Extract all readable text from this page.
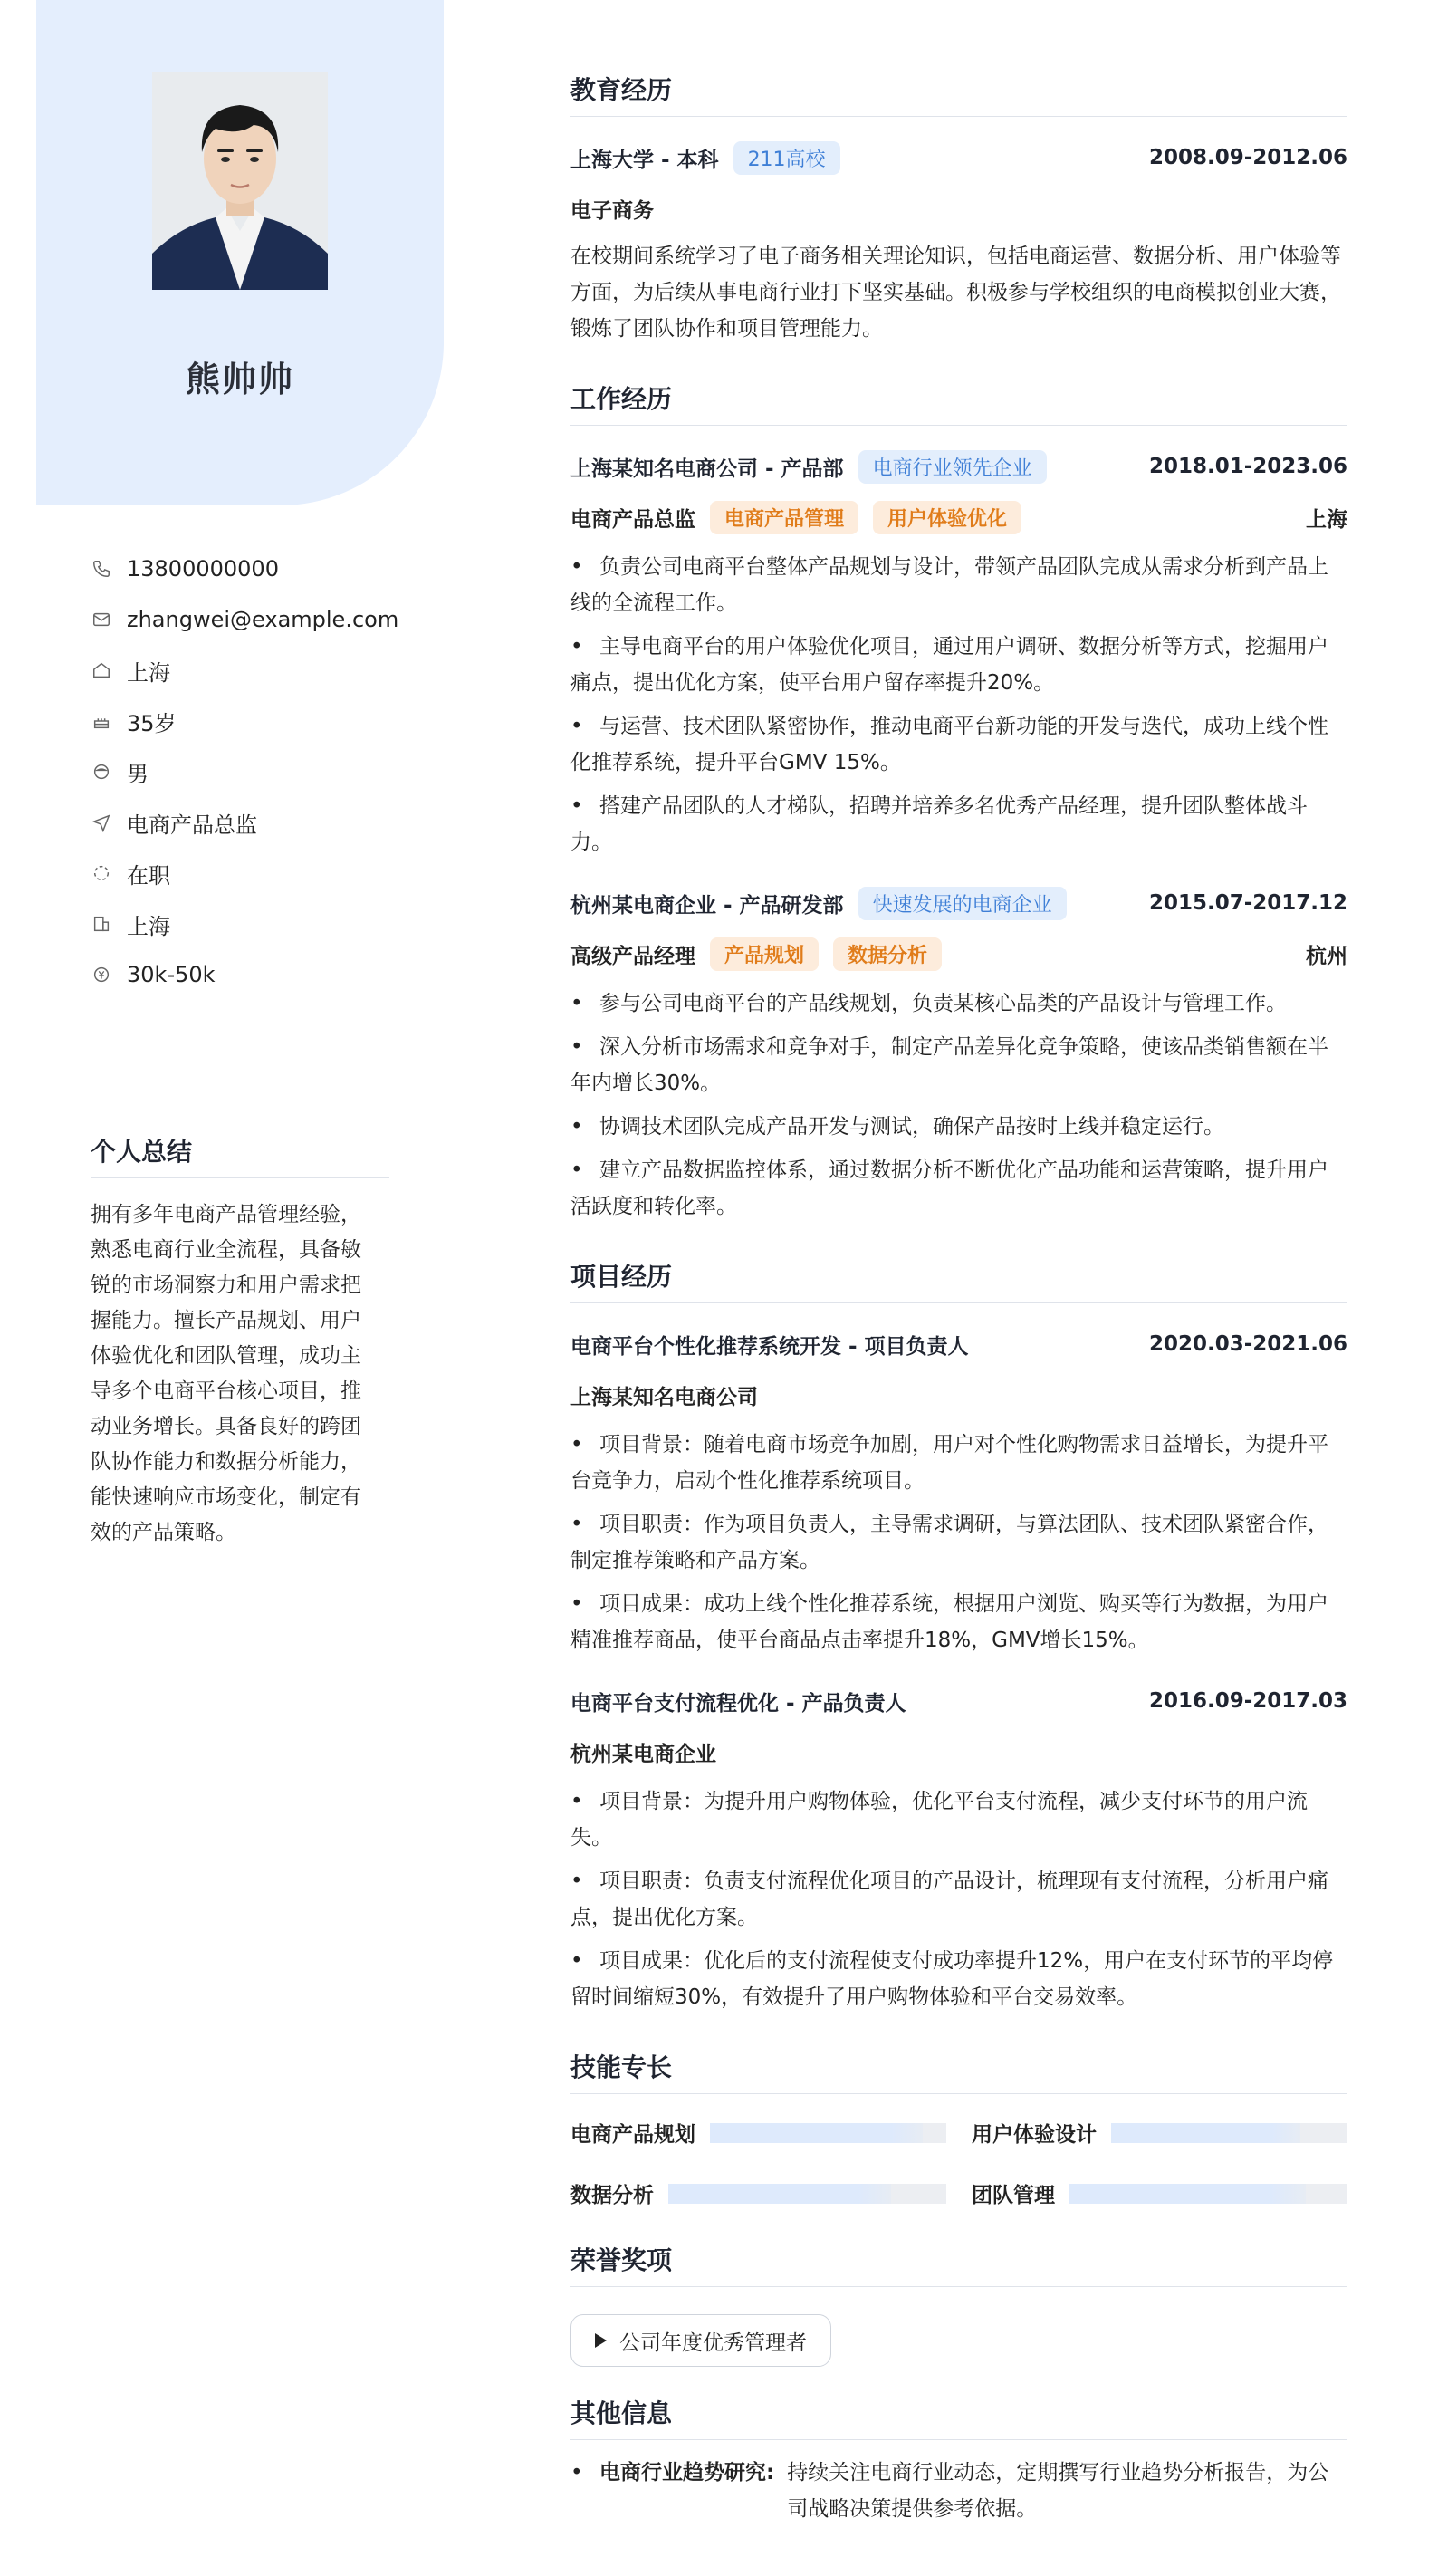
熊帅帅
13800000000
zhangwei@example.com
上海
35岁
男
电商产品总监
在职
上海
30k-50k
个人总结
拥有多年电商产品管理经验，熟悉电商行业全流程，具备敏锐的市场洞察力和用户需求把握能力。擅长产品规划、用户体验优化和团队管理，成功主导多个电商平台核心项目，推动业务增长。具备良好的跨团队协作能力和数据分析能力，能快速响应市场变化，制定有效的产品策略。
教育经历
上海大学 - 本科	211高校	2008.09-2012.06
电子商务
在校期间系统学习了电子商务相关理论知识，包括电商运营、数据分析、用户体验等方面，为后续从事电商行业打下坚实基础。积极参与学校组织的电商模拟创业大赛，锻炼了团队协作和项目管理能力。
工作经历
上海某知名电商公司 - 产品部	电商行业领先企业	2018.01-2023.06
电商产品总监	电商产品管理	用户体验优化	上海
• 负责公司电商平台整体产品规划与设计，带领产品团队完成从需求分析到产品上线的全流程工作。
• 主导电商平台的用户体验优化项目，通过用户调研、数据分析等方式，挖掘用户痛点，提出优化方案，使平台用户留存率提升20%。
• 与运营、技术团队紧密协作，推动电商平台新功能的开发与迭代，成功上线个性化推荐系统，提升平台GMV 15%。
• 搭建产品团队的人才梯队，招聘并培养多名优秀产品经理，提升团队整体战斗力。
杭州某电商企业 - 产品研发部	快速发展的电商企业	2015.07-2017.12
高级产品经理	产品规划	数据分析	杭州
• 参与公司电商平台的产品线规划，负责某核心品类的产品设计与管理工作。
• 深入分析市场需求和竞争对手，制定产品差异化竞争策略，使该品类销售额在半年内增长30%。
• 协调技术团队完成产品开发与测试，确保产品按时上线并稳定运行。
• 建立产品数据监控体系，通过数据分析不断优化产品功能和运营策略，提升用户活跃度和转化率。
项目经历
电商平台个性化推荐系统开发 - 项目负责人	2020.03-2021.06
上海某知名电商公司
• 项目背景：随着电商市场竞争加剧，用户对个性化购物需求日益增长，为提升平台竞争力，启动个性化推荐系统项目。
• 项目职责：作为项目负责人，主导需求调研，与算法团队、技术团队紧密合作，制定推荐策略和产品方案。
• 项目成果：成功上线个性化推荐系统，根据用户浏览、购买等行为数据，为用户精准推荐商品，使平台商品点击率提升18%，GMV增长15%。
电商平台支付流程优化 - 产品负责人	2016.09-2017.03
杭州某电商企业
• 项目背景：为提升用户购物体验，优化平台支付流程，减少支付环节的用户流失。
• 项目职责：负责支付流程优化项目的产品设计，梳理现有支付流程，分析用户痛点，提出优化方案。
• 项目成果：优化后的支付流程使支付成功率提升12%，用户在支付环节的平均停留时间缩短30%，有效提升了用户购物体验和平台交易效率。
技能专长
电商产品规划	用户体验设计
数据分析	团队管理
荣誉奖项
公司年度优秀管理者
其他信息
• 电商行业趋势研究: 持续关注电商行业动态，定期撰写行业趋势分析报告，为公司战略决策提供参考依据。
